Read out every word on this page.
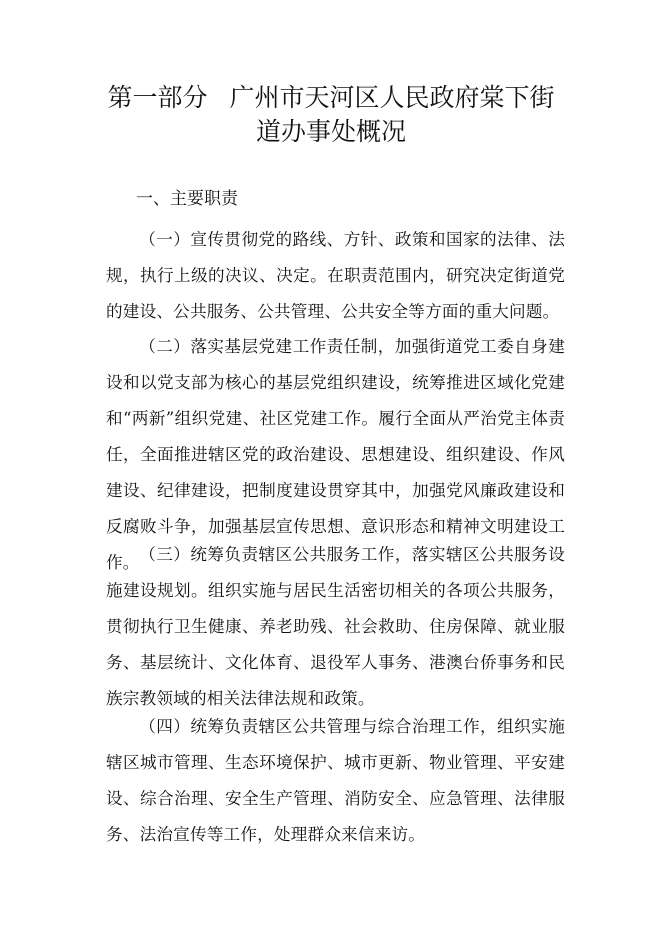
第一部分 广州市天河区人民政府棠下街
道办事处概况
一、主要职责

（一）宣传贯彻党的路线、方针、政策和国家的法律、法规，执行上级的决议、决定。在职责范围内，研究决定街道党的建设、公共服务、公共管理、公共安全等方面的重大问题。

（二）落实基层党建工作责任制，加强街道党工委自身建设和以党支部为核心的基层党组织建设，统筹推进区域化党建和“两新”组织党建、社区党建工作。履行全面从严治党主体责任，全面推进辖区党的政治建设、思想建设、组织建设、作风建设、纪律建设，把制度建设贯穿其中，加强党风廉政建设和反腐败斗争，加强基层宣传思想、意识形态和精神文明建设工作。 （三）统筹负责辖区公共服务工作，落实辖区公共服务设施建设规划。组织实施与居民生活密切相关的各项公共服务，贯彻执行卫生健康、养老助残、社会救助、住房保障、就业服务、基层统计、文化体育、退役军人事务、港澳台侨事务和民族宗教领域的相关法律法规和政策。

（四）统筹负责辖区公共管理与综合治理工作，组织实施辖区城市管理、生态环境保护、城市更新、物业管理、平安建设、综合治理、安全生产管理、消防安全、应急管理、法律服务、法治宣传等工作，处理群众来信来访。
